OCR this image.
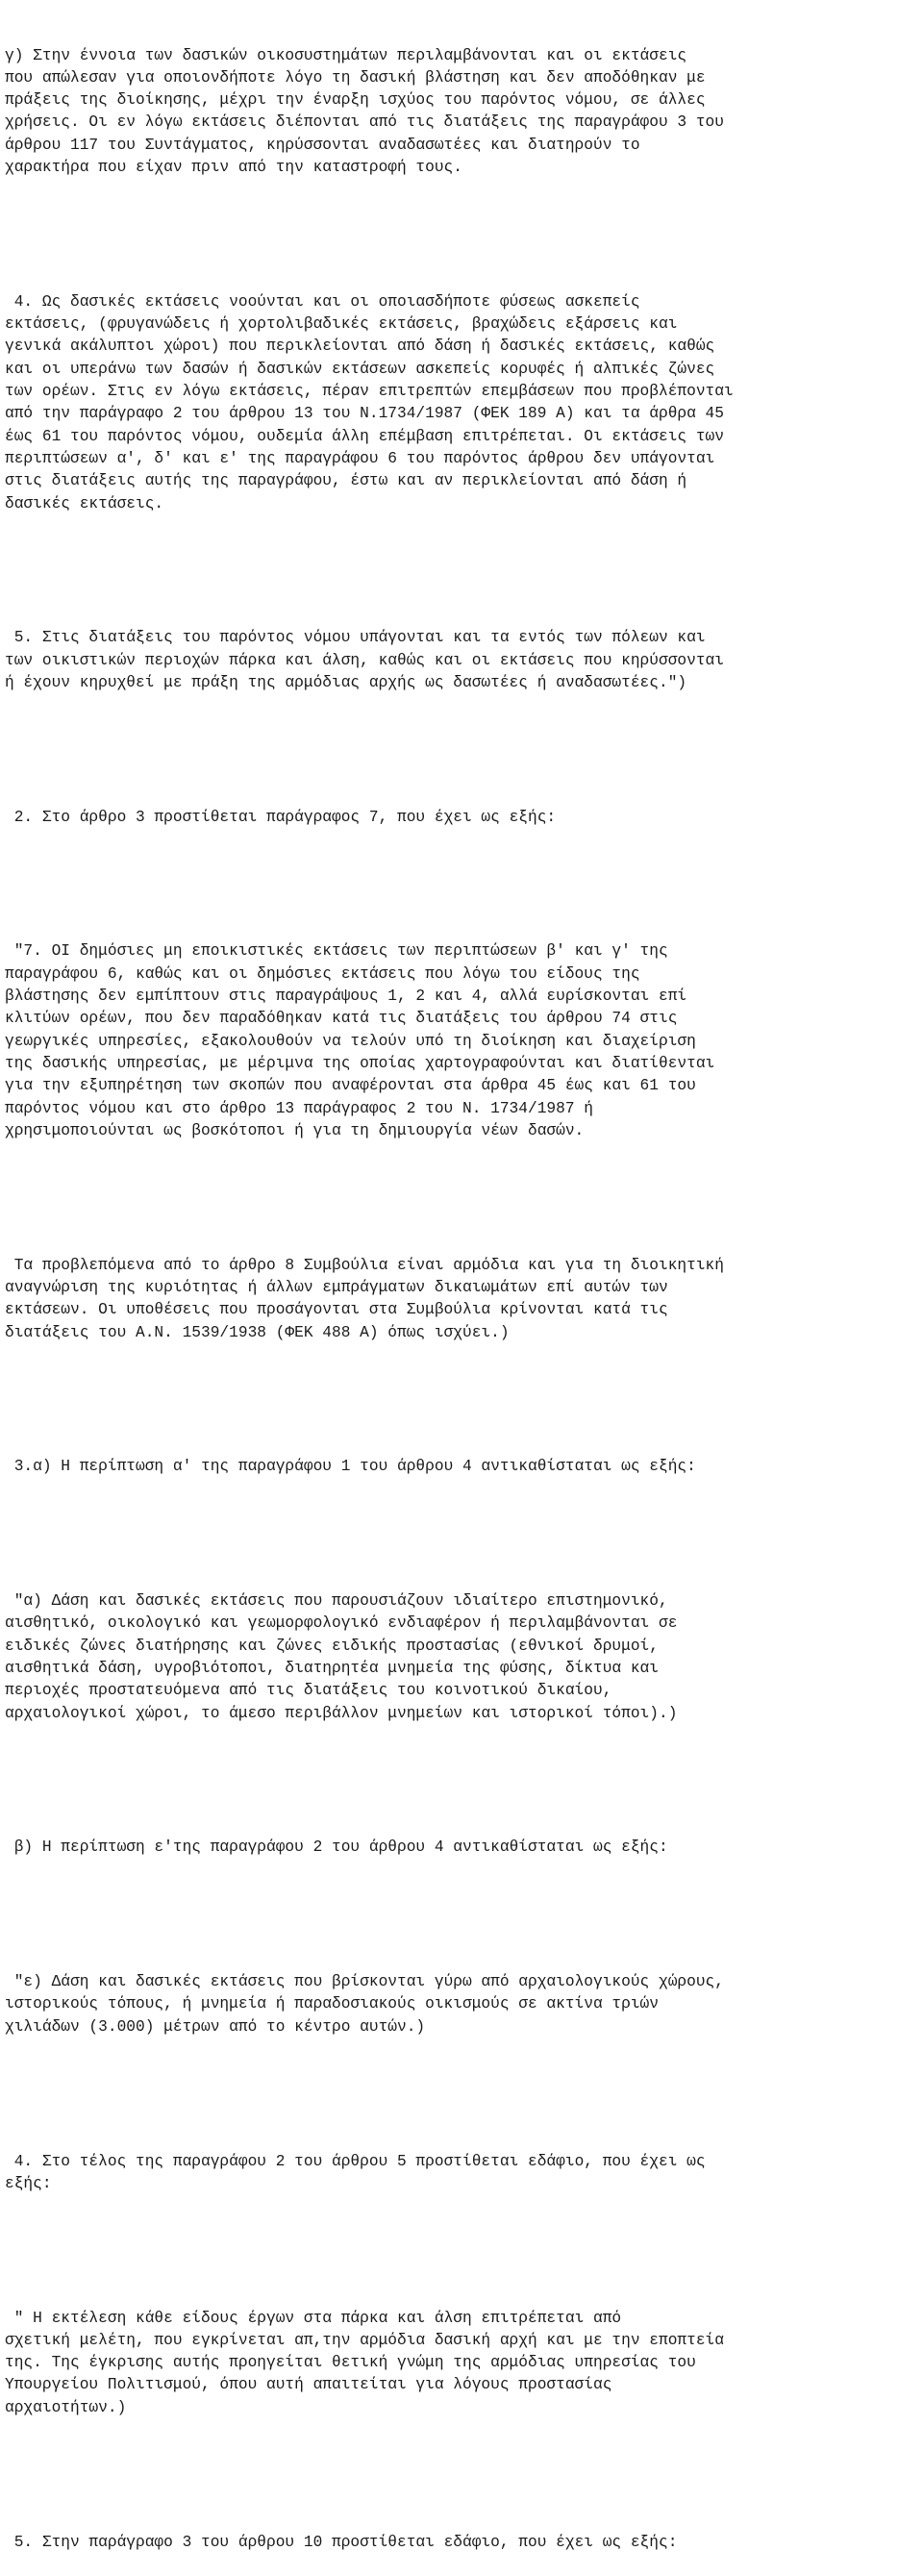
γ) Στην έννοια των δασικών οικοσυστημάτων περιλαμβάνονται και οι εκτάσεις
που απώλεσαν για οποιονδήποτε λόγο τη δασική βλάστηση και δεν αποδόθηκαν με
πράξεις της διοίκησης, μέχρι την έναρξη ισχύος του παρόντος νόμου, σε άλλες
χρήσεις. Οι εν λόγω εκτάσεις διέπονται από τις διατάξεις της παραγράφου 3 του
άρθρου 117 του Συντάγματος, κηρύσσονται αναδασωτέες και διατηρούν το
χαρακτήρα που είχαν πριν από την καταστροφή τους.

4. Ως δασικές εκτάσεις νοούνται και οι οποιασδήποτε φύσεως ασκεπείς
εκτάσεις, (φρυγανώδεις ή χορτολιβαδικές εκτάσεις, βραχώδεις εξάρσεις και
γενικά ακάλυπτοι χώροι) που περικλείονται από δάση ή δασικές εκτάσεις, καθώς
και οι υπεράνω των δασών ή δασικών εκτάσεων ασκεπείς κορυφές ή αλπικές ζώνες
των ορέων. Στις εν λόγω εκτάσεις, πέραν επιτρεπτών επεμβάσεων που προβλέπονται
από την παράγραφο 2 του άρθρου 13 του Ν.1734/1987 (ΦΕΚ 189 Α) και τα άρθρα 45
έως 61 του παρόντος νόμου, ουδεμία άλλη επέμβαση επιτρέπεται. Οι εκτάσεις των
περιπτώσεων α', δ' και ε' της παραγράφου 6 του παρόντος άρθρου δεν υπάγονται
στις διατάξεις αυτής της παραγράφου, έστω και αν περικλείονται από δάση ή
δασικές εκτάσεις.

5. Στις διατάξεις του παρόντος νόμου υπάγονται και τα εντός των πόλεων και
των οικιστικών περιοχών πάρκα και άλση, καθώς και οι εκτάσεις που κηρύσσονται
ή έχουν κηρυχθεί με πράξη της αρμόδιας αρχής ως δασωτέες ή αναδασωτέες.")

2. Στο άρθρο 3 προστίθεται παράγραφος 7, που έχει ως εξής:

"7. ΟΙ δημόσιες μη εποικιστικές εκτάσεις των περιπτώσεων β' και γ' της
παραγράφου 6, καθώς και οι δημόσιες εκτάσεις που λόγω του είδους της
βλάστησης δεν εμπίπτουν στις παραγράψους 1, 2 και 4, αλλά ευρίσκονται επί
κλιτύων ορέων, που δεν παραδόθηκαν κατά τις διατάξεις του άρθρου 74 στις
γεωργικές υπηρεσίες, εξακολουθούν να τελούν υπό τη διοίκηση και διαχείριση
της δασικής υπηρεσίας, με μέριμνα της οποίας χαρτογραφούνται και διατίθενται
για την εξυπηρέτηση των σκοπών που αναφέρονται στα άρθρα 45 έως και 61 του
παρόντος νόμου και στο άρθρο 13 παράγραφος 2 του Ν. 1734/1987 ή
χρησιμοποιούνται ως βοσκότοποι ή για τη δημιουργία νέων δασών.

Τα προβλεπόμενα από το άρθρο 8 Συμβούλια είναι αρμόδια και για τη διοικητική
αναγνώριση της κυριότητας ή άλλων εμπράγματων δικαιωμάτων επί αυτών των
εκτάσεων. Οι υποθέσεις που προσάγονται στα Συμβούλια κρίνονται κατά τις
διατάξεις του Α.Ν. 1539/1938 (ΦΕΚ 488 Α) όπως ισχύει.)

3.α) Η περίπτωση α' της παραγράφου 1 του άρθρου 4 αντικαθίσταται ως εξής:

"α) Δάση και δασικές εκτάσεις που παρουσιάζουν ιδιαίτερο επιστημονικό,
αισθητικό, οικολογικό και γεωμορφολογικό ενδιαφέρον ή περιλαμβάνονται σε
ειδικές ζώνες διατήρησης και ζώνες ειδικής προστασίας (εθνικοί δρυμοί,
αισθητικά δάση, υγροβιότοποι, διατηρητέα μνημεία της φύσης, δίκτυα και
περιοχές προστατευόμενα από τις διατάξεις του κοινοτικού δικαίου,
αρχαιολογικοί χώροι, το άμεσο περιβάλλον μνημείων και ιστορικοί τόποι).)

β) Η περίπτωση ε'της παραγράφου 2 του άρθρου 4 αντικαθίσταται ως εξής:

"ε) Δάση και δασικές εκτάσεις που βρίσκονται γύρω από αρχαιολογικούς χώρους,
ιστορικούς τόπους, ή μνημεία ή παραδοσιακούς οικισμούς σε ακτίνα τριών
χιλιάδων (3.000) μέτρων από το κέντρο αυτών.)

4. Στο τέλος της παραγράφου 2 του άρθρου 5 προστίθεται εδάφιο, που έχει ως
εξής:

" Η εκτέλεση κάθε είδους έργων στα πάρκα και άλση επιτρέπεται από
σχετική μελέτη, που εγκρίνεται απ,την αρμόδια δασική αρχή και με την εποπτεία
της. Της έγκρισης αυτής προηγείται θετική γνώμη της αρμόδιας υπηρεσίας του
Υπουργείου Πολιτισμού, όπου αυτή απαιτείται για λόγους προστασίας
αρχαιοτήτων.)

5. Στην παράγραφο 3 του άρθρου 10 προστίθεται εδάφιο, που έχει ως εξής:
